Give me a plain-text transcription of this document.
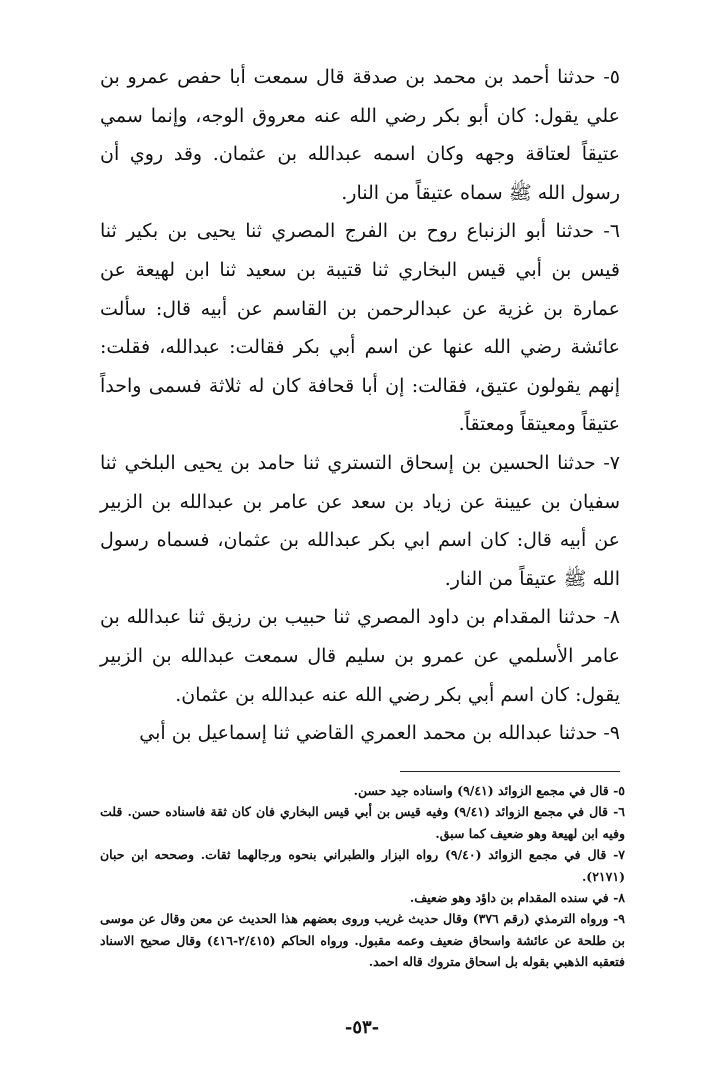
٥- حدثنا أحمد بن محمد بن صدقة قال سمعت أبا حفص عمرو بن علي يقول: كان أبو بكر رضي الله عنه معروق الوجه، وإنما سمي عتيقاً لعتاقة وجهه وكان اسمه عبدالله بن عثمان. وقد روي أن رسول الله ﷺ سماه عتيقاً من النار.

٦- حدثنا أبو الزنباع روح بن الفرج المصري ثنا يحيى بن بكير ثنا قيس بن أبي قيس البخاري ثنا قتيبة بن سعيد ثنا ابن لهيعة عن عمارة بن غزية عن عبدالرحمن بن القاسم عن أبيه قال: سألت عائشة رضي الله عنها عن اسم أبي بكر فقالت: عبدالله، فقلت: إنهم يقولون عتيق، فقالت: إن أبا قحافة كان له ثلاثة فسمى واحداً عتيقاً ومعيتقاً ومعتقاً.

٧- حدثنا الحسين بن إسحاق التستري ثنا حامد بن يحيى البلخي ثنا سفيان بن عيينة عن زياد بن سعد عن عامر بن عبدالله بن الزبير عن أبيه قال: كان اسم ابي بكر عبدالله بن عثمان، فسماه رسول الله ﷺ عتيقاً من النار.

٨- حدثنا المقدام بن داود المصري ثنا حبيب بن رزيق ثنا عبدالله بن عامر الأسلمي عن عمرو بن سليم قال سمعت عبدالله بن الزبير يقول: كان اسم أبي بكر رضي الله عنه عبدالله بن عثمان.

٩- حدثنا عبدالله بن محمد العمري القاضي ثنا إسماعيل بن أبي

٥- قال في مجمع الزوائد (٩/٤١) واسناده جيد حسن.

٦- قال في مجمع الزوائد (٩/٤١) وفيه قيس بن أبي قيس البخاري فان كان ثقة فاسناده حسن. قلت وفيه ابن لهيعة وهو ضعيف كما سبق.

٧- قال في مجمع الزوائد (٩/٤٠) رواه البزار والطبراني بنحوه ورجالهما ثقات. وصححه ابن حبان (٢١٧١).

٨- في سنده المقدام بن داؤد وهو ضعيف.

٩- ورواه الترمذي (رقم ٣٧٦) وقال حديث غريب وروى بعضهم هذا الحديث عن معن وقال عن موسى بن طلحة عن عائشة واسحاق ضعيف وعمه مقبول. ورواه الحاكم (٢/٤١٥-٤١٦) وقال صحيح الاسناد فتعقبه الذهبي بقوله بل اسحاق متروك قاله احمد.

-٥٣-
